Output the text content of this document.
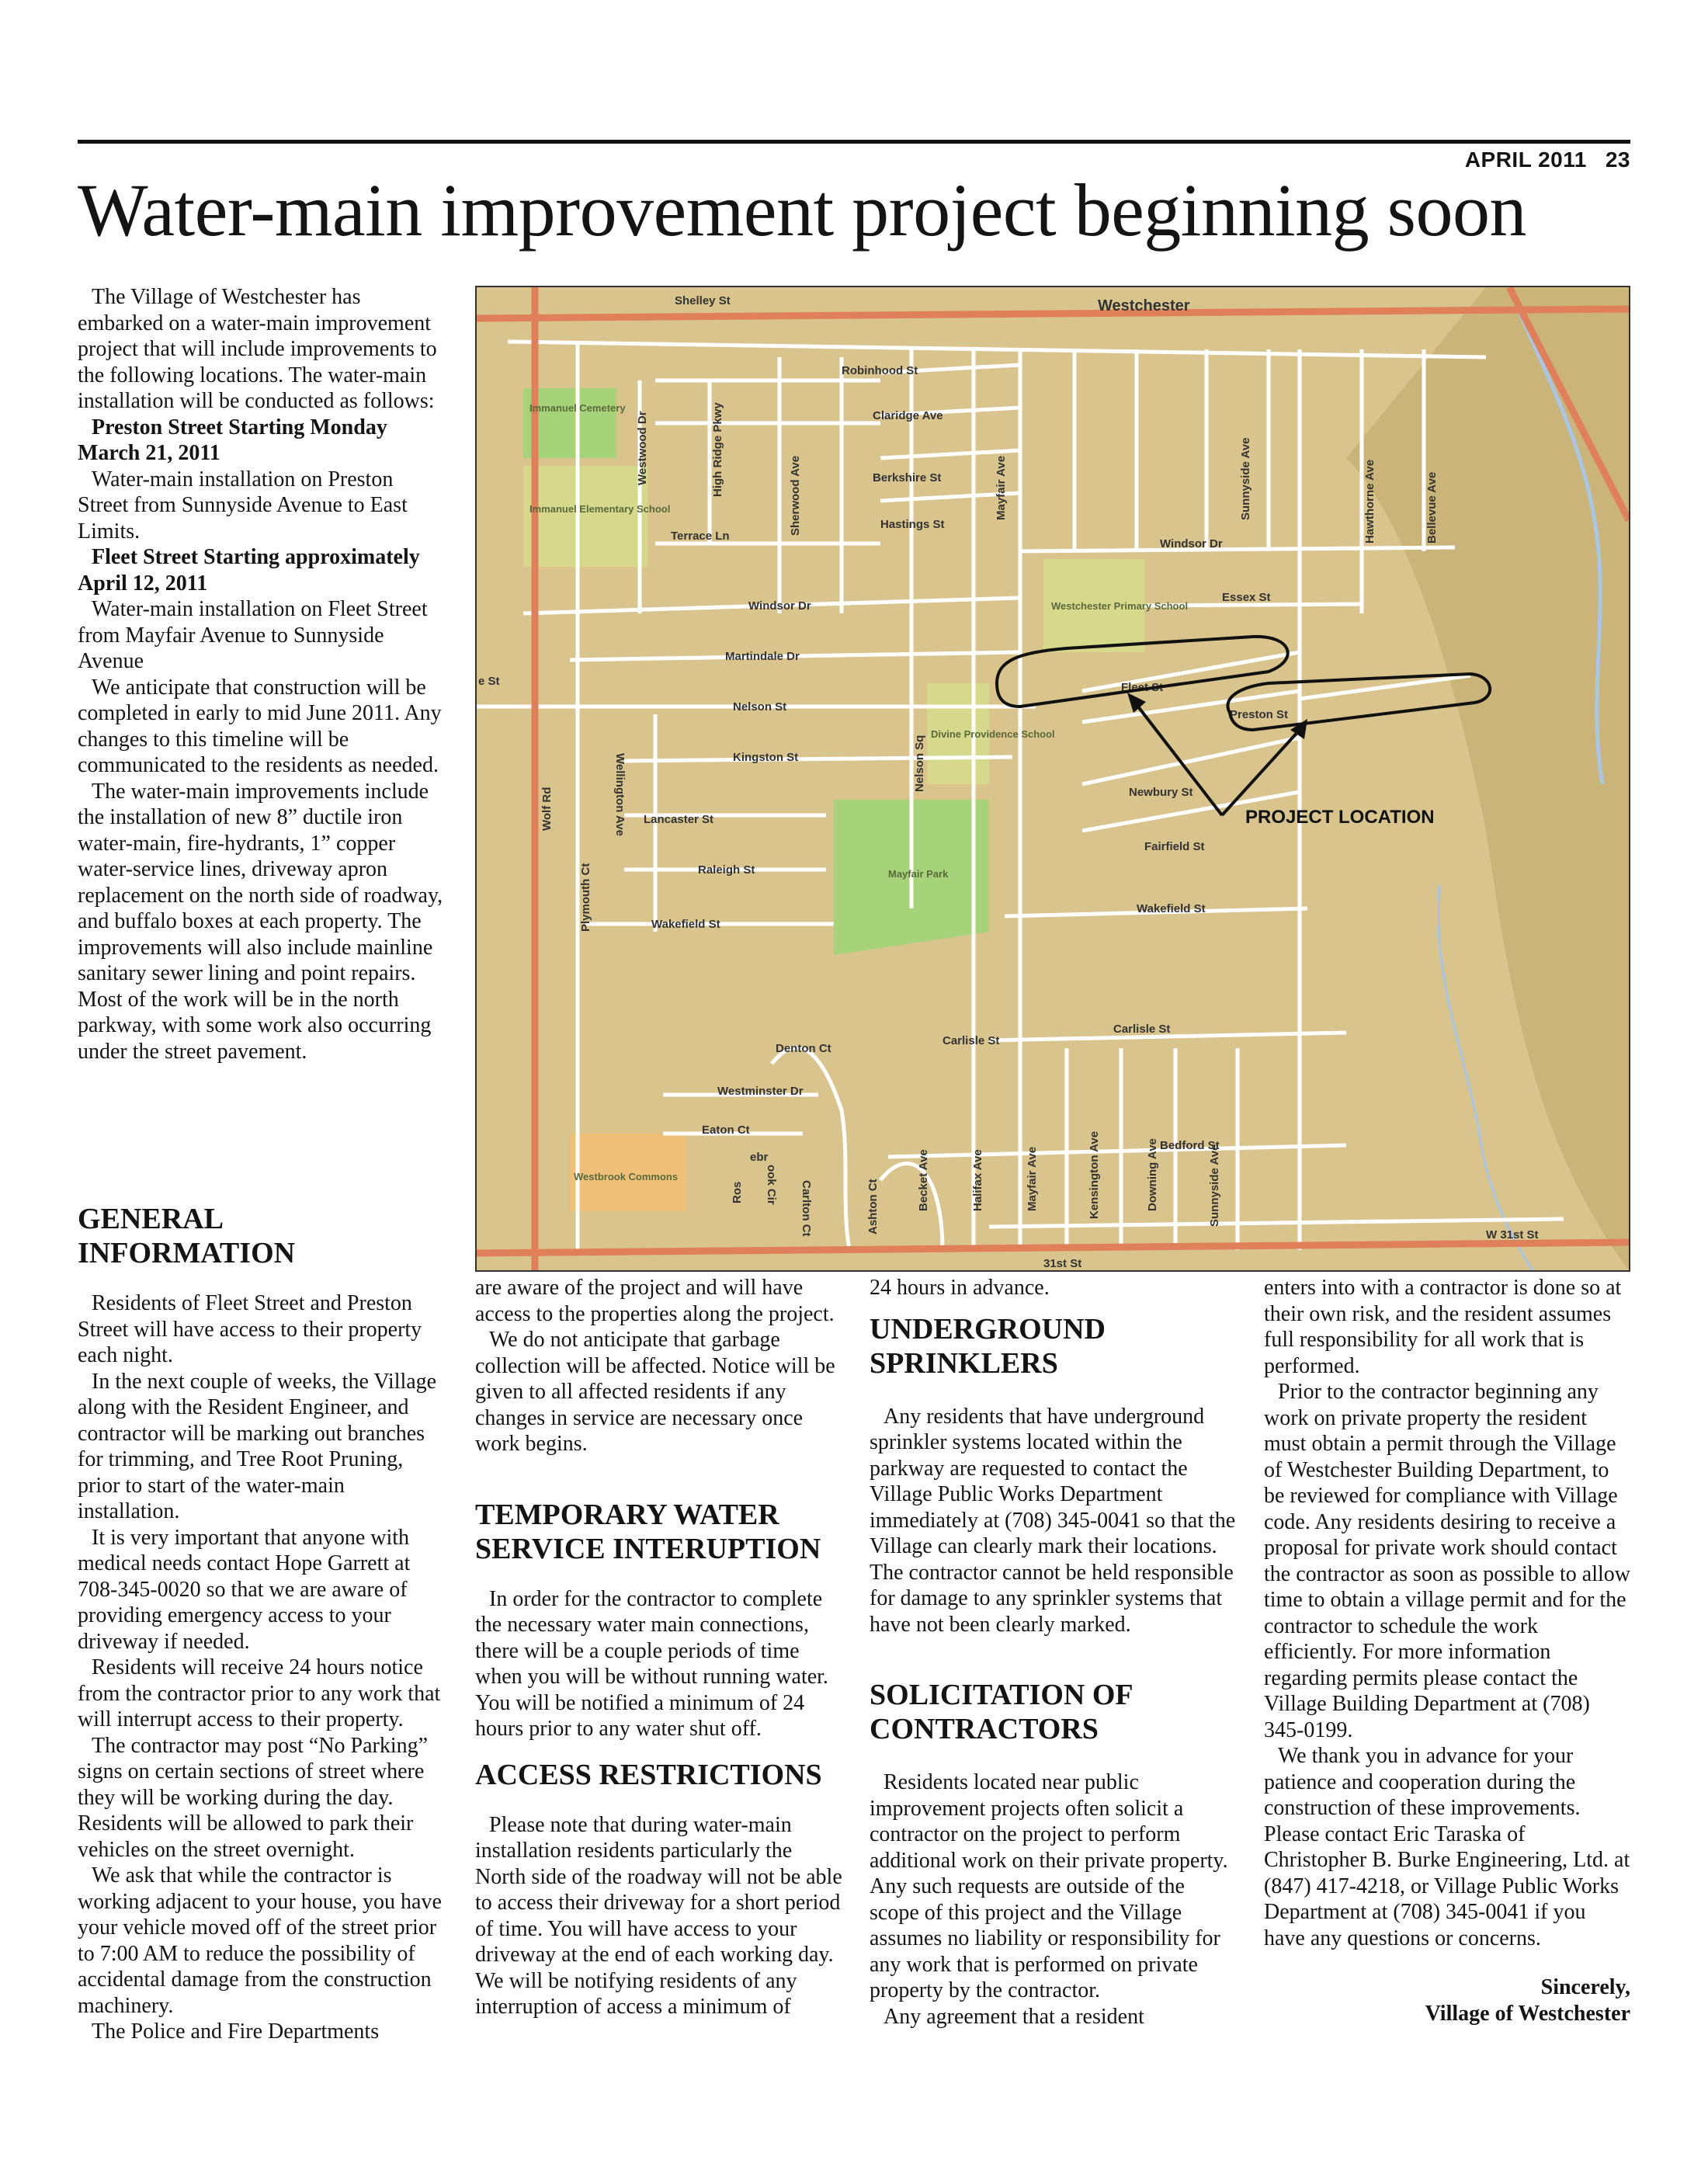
APRIL 2011 23
Water-main improvement project beginning soon

The Village of Westchester has embarked on a water-main improvement project that will include improvements to the following locations. The water-main installation will be conducted as follows:

Preston Street Starting Monday March 21, 2011

Water-main installation on Preston Street from Sunnyside Avenue to East Limits.

Fleet Street Starting approximately April 12, 2011

Water-main installation on Fleet Street from Mayfair Avenue to Sunnyside Avenue

We anticipate that construction will be completed in early to mid June 2011. Any changes to this timeline will be communicated to the residents as needed.

The water-main improvements include the installation of new 8” ductile iron water-main, fire-hydrants, 1” copper water-service lines, driveway apron replacement on the north side of roadway, and buffalo boxes at each property. The improvements will also include mainline sanitary sewer lining and point repairs. Most of the work will be in the north parkway, with some work also occurring under the street pavement.

GENERAL
INFORMATION

Residents of Fleet Street and Preston Street will have access to their property each night.

In the next couple of weeks, the Village along with the Resident Engineer, and contractor will be marking out branches for trimming, and Tree Root Pruning, prior to start of the water-main installation.

It is very important that anyone with medical needs contact Hope Garrett at 708-345-0020 so that we are aware of providing emergency access to your driveway if needed.

Residents will receive 24 hours notice from the contractor prior to any work that will interrupt access to their property.

The contractor may post “No Parking” signs on certain sections of street where they will be working during the day. Residents will be allowed to park their vehicles on the street overnight.

We ask that while the contractor is working adjacent to your house, you have your vehicle moved off of the street prior to 7:00 AM to reduce the possibility of accidental damage from the construction machinery.

The Police and Fire Departments

are aware of the project and will have access to the properties along the project.

We do not anticipate that garbage collection will be affected. Notice will be given to all affected residents if any changes in service are necessary once work begins.

TEMPORARY WATER
SERVICE INTERUPTION

In order for the contractor to complete the necessary water main connections, there will be a couple periods of time when you will be without running water. You will be notified a minimum of 24 hours prior to any water shut off.

ACCESS RESTRICTIONS

Please note that during water-main installation residents particularly the North side of the roadway will not be able to access their driveway for a short period of time. You will have access to your driveway at the end of each working day. We will be notifying residents of any interruption of access a minimum of

24 hours in advance.

UNDERGROUND
SPRINKLERS

Any residents that have underground sprinkler systems located within the parkway are requested to contact the Village Public Works Department immediately at (708) 345-0041 so that the Village can clearly mark their locations. The contractor cannot be held responsible for damage to any sprinkler systems that have not been clearly marked.

SOLICITATION OF
CONTRACTORS

Residents located near public improvement projects often solicit a contractor on the project to perform additional work on their private property. Any such requests are outside of the scope of this project and the Village assumes no liability or responsibility for any work that is performed on private property by the contractor.

Any agreement that a resident

enters into with a contractor is done so at their own risk, and the resident assumes full responsibility for all work that is performed.

Prior to the contractor beginning any work on private property the resident must obtain a permit through the Village of Westchester Building Department, to be reviewed for compliance with Village code. Any residents desiring to receive a proposal for private work should contact the contractor as soon as possible to allow time to obtain a village permit and for the contractor to schedule the work efficiently. For more information regarding permits please contact the Village Building Department at (708) 345-0199.

We thank you in advance for your patience and cooperation during the construction of these improvements. Please contact Eric Taraska of Christopher B. Burke Engineering, Ltd. at (847) 417-4218, or Village Public Works Department at (708) 345-0041 if you have any questions or concerns.

Sincerely,

Village of Westchester

Westchester
Shelley St
Robinhood St
Claridge Ave
Berkshire St
Hastings St
Terrace Ln
Windsor Dr
Windsor Dr
Essex St
Martindale Dr
Fleet St
Nelson St
Preston St
Kingston St
Newbury St
Lancaster St
Fairfield St
Raleigh St
Wakefield St
Wakefield St
Carlisle St
Carlisle St
Denton Ct
Westminster Dr
Eaton Ct
Bedford St
31st St
W 31st St
e St
Westwood Dr	High Ridge Pkwy	Sherwood Ave	Mayfair Ave	Sunnyside Ave	Hawthorne Ave	Bellevue Ave
Wolf Rd	Wellington Ave
Plymouth Ct
Nelson Sq
Becket Ave	Halifax Ave	Mayfair Ave	Kensington Ave	Downing Ave	Sunnyside Ave
Ashton Ct
Carlton Ct
Ros
ebr
ook Cir
Immanuel Cemetery
Immanuel Elementary School
Westchester Primary School
Divine Providence School
Mayfair Park
Westbrook Commons
PROJECT LOCATION
